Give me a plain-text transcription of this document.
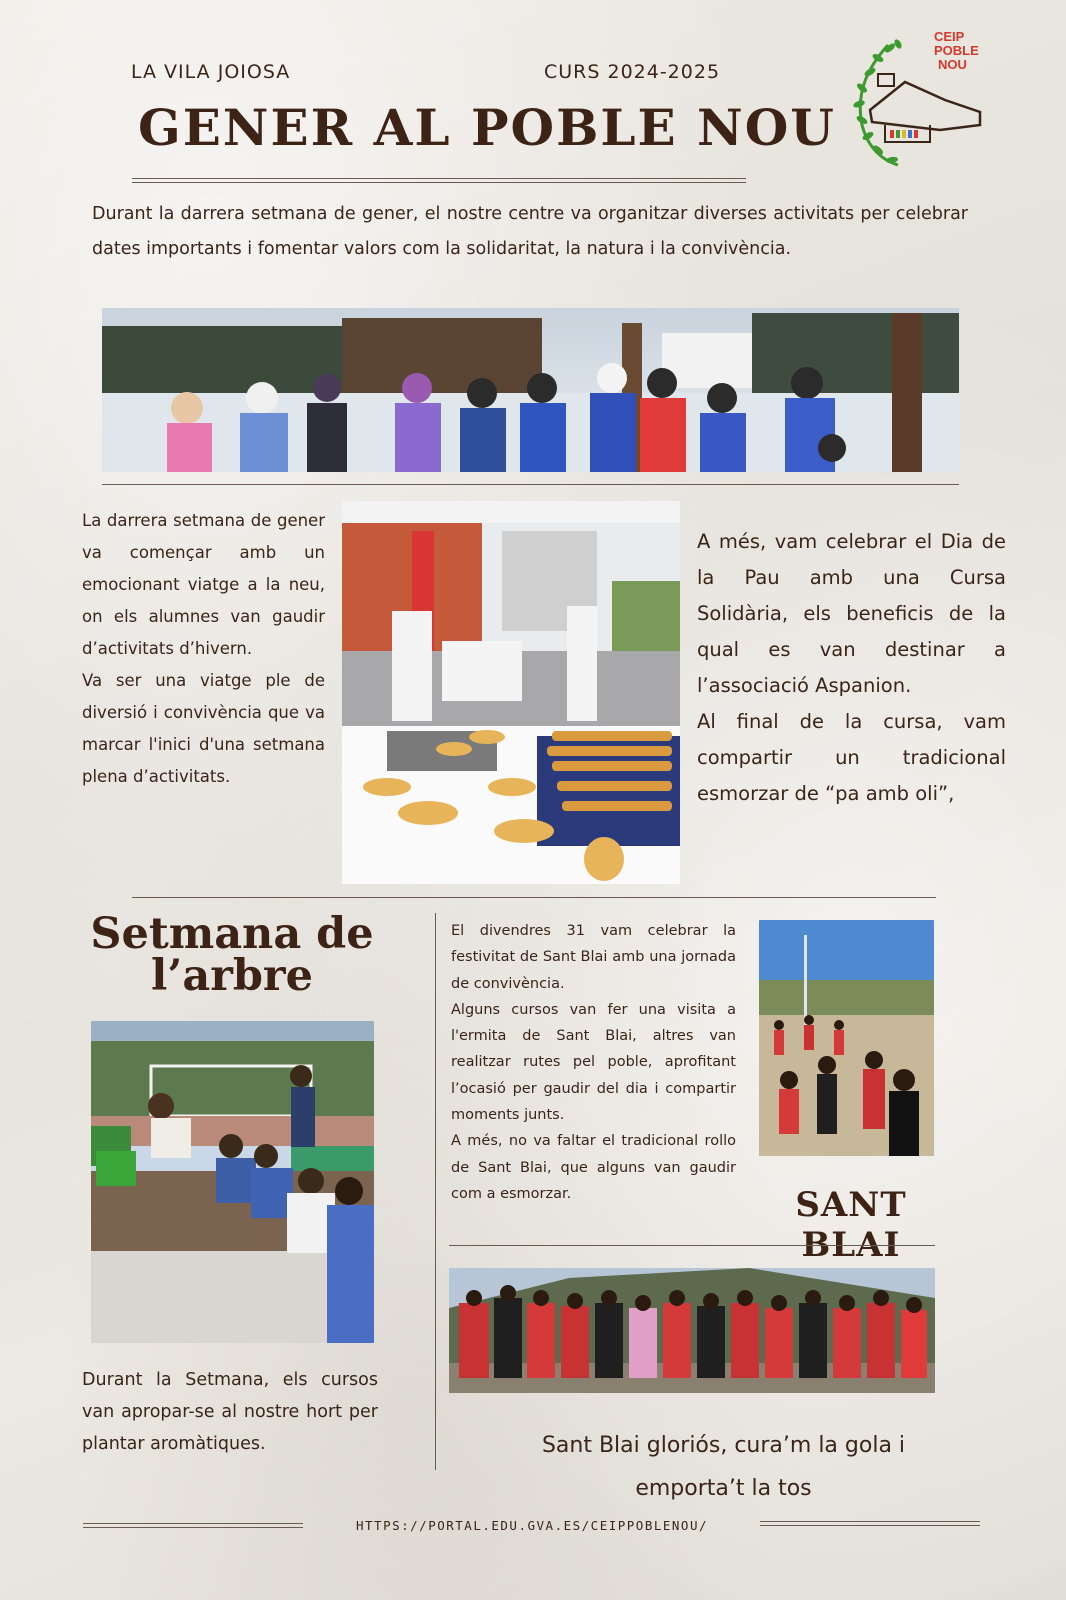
LA VILA JOIOSA	CURS 2024-2025
GENER AL POBLE NOU
CEIP
POBLE
NOU
Durant la darrera setmana de gener, el nostre centre va organitzar diverses activitats per celebrar dates importants i fomentar valors com la solidaritat, la natura i la convivència.
La darrera setmana de gener va començar amb un emocionant viatge a la neu, on els alumnes van gaudir d’activitats d’hivern.
Va ser una viatge ple de diversió i convivència que va marcar l'inici d'una setmana plena d’activitats.
A més, vam celebrar el Dia de la Pau amb una Cursa Solidària, els beneficis de la qual es van destinar a l’associació Aspanion.
Al final de la cursa, vam compartir un tradicional esmorzar de “pa amb oli”,
Setmana de
l’arbre
Durant la Setmana, els cursos van apropar-se al nostre hort per plantar aromàtiques.
El divendres 31 vam celebrar la festivitat de Sant Blai amb una jornada de convivència.
Alguns cursos van fer una visita a l'ermita de Sant Blai, altres van realitzar rutes pel poble, aprofitant l’ocasió per gaudir del dia i compartir moments junts.
A més, no va faltar el tradicional rollo de Sant Blai, que alguns van gaudir com a esmorzar.	SANT BLAI
Sant Blai gloriós, cura’m la gola i
emporta’t la tos
HTTPS://PORTAL.EDU.GVA.ES/CEIPPOBLENOU/
